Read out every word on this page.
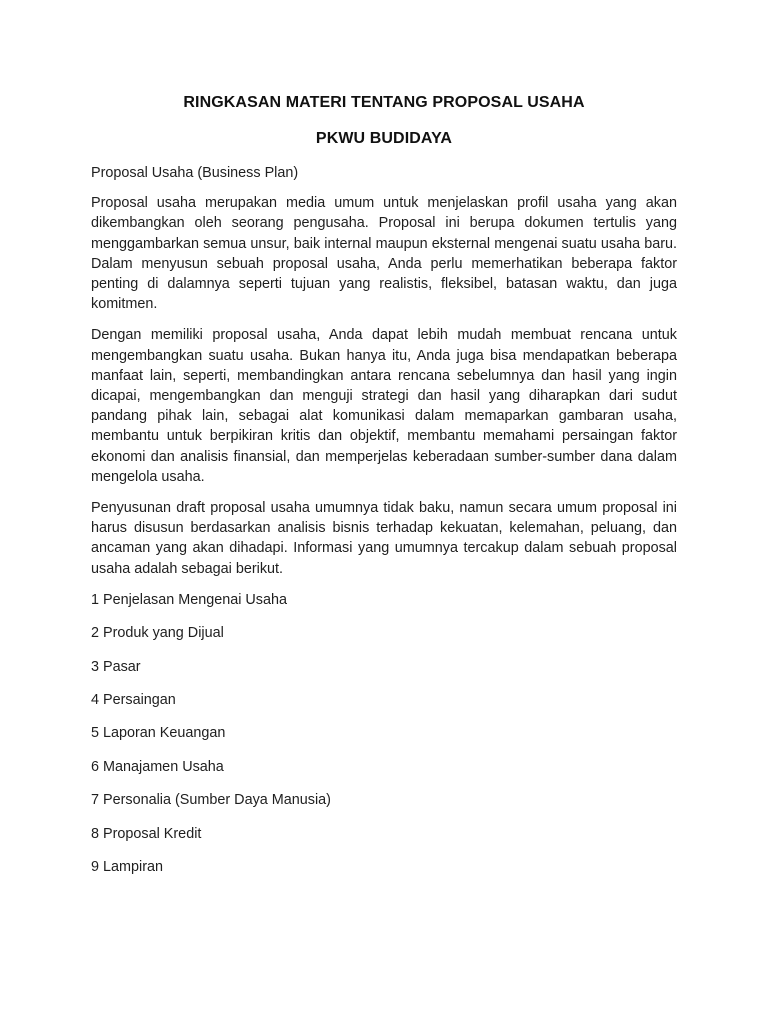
RINGKASAN MATERI TENTANG PROPOSAL USAHA
PKWU BUDIDAYA

Proposal Usaha (Business Plan)

Proposal usaha merupakan media umum untuk menjelaskan profil usaha yang akan dikembangkan oleh seorang pengusaha. Proposal ini berupa dokumen tertulis yang menggambarkan semua unsur, baik internal maupun eksternal mengenai suatu usaha baru. Dalam menyusun sebuah proposal usaha, Anda perlu memerhatikan beberapa faktor penting di dalamnya seperti tujuan yang realistis, fleksibel, batasan waktu, dan juga komitmen.

Dengan memiliki proposal usaha, Anda dapat lebih mudah membuat rencana untuk mengembangkan suatu usaha. Bukan hanya itu, Anda juga bisa mendapatkan beberapa manfaat lain, seperti, membandingkan antara rencana sebelumnya dan hasil yang ingin dicapai, mengembangkan dan menguji strategi dan hasil yang diharapkan dari sudut pandang pihak lain, sebagai alat komunikasi dalam memaparkan gambaran usaha, membantu untuk berpikiran kritis dan objektif, membantu memahami persaingan faktor ekonomi dan analisis finansial, dan memperjelas keberadaan sumber-sumber dana dalam mengelola usaha.

Penyusunan draft proposal usaha umumnya tidak baku, namun secara umum proposal ini harus disusun berdasarkan analisis bisnis terhadap kekuatan, kelemahan, peluang, dan ancaman yang akan dihadapi. Informasi yang umumnya tercakup dalam sebuah proposal usaha adalah sebagai berikut.

1 Penjelasan Mengenai Usaha
2 Produk yang Dijual
3 Pasar
4 Persaingan
5 Laporan Keuangan
6 Manajamen Usaha
7 Personalia (Sumber Daya Manusia)
8 Proposal Kredit
9 Lampiran
